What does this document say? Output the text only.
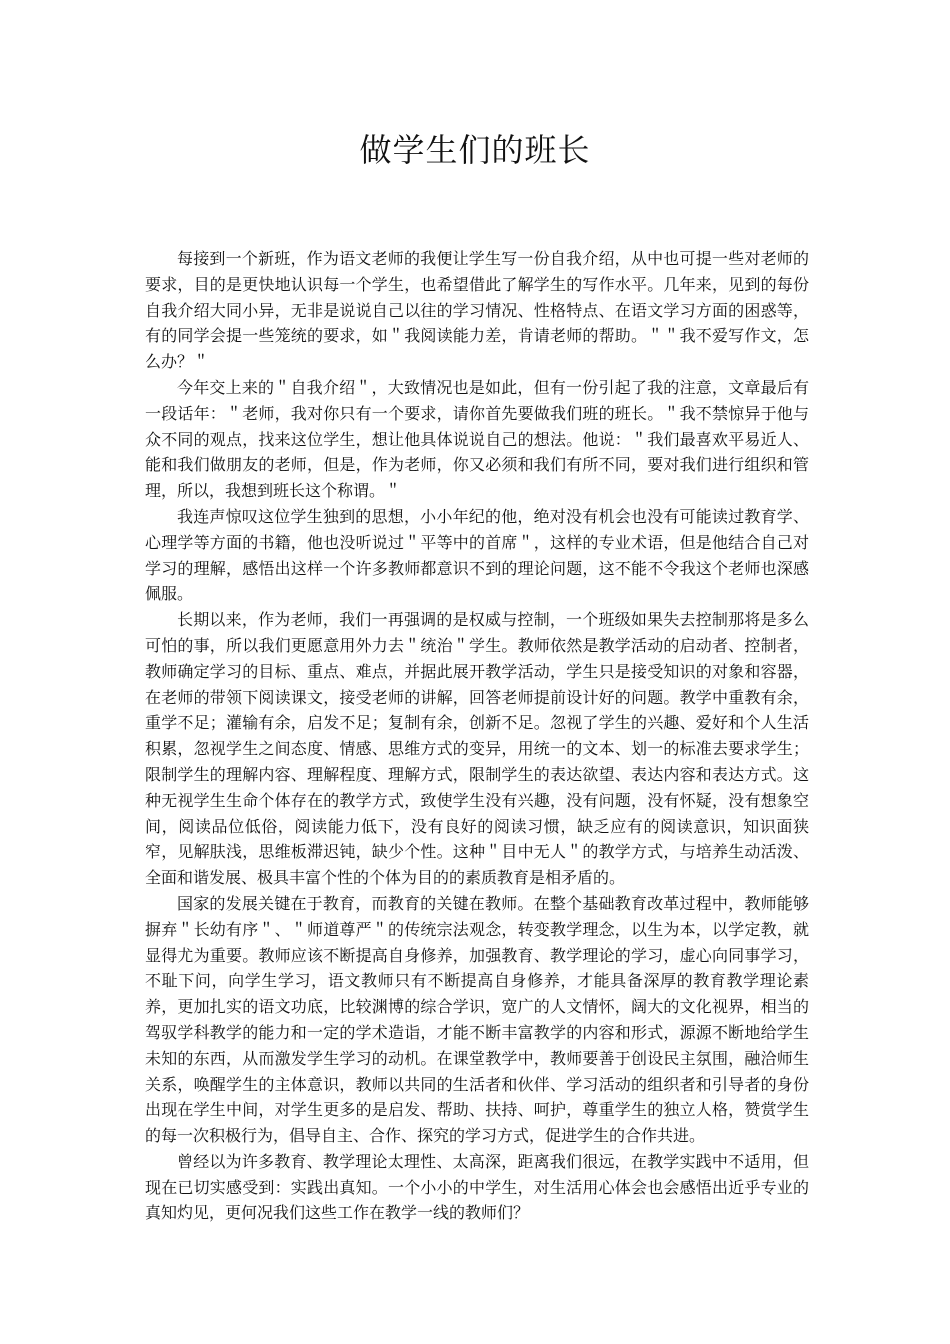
做学生们的班长

每接到一个新班，作为语文老师的我便让学生写一份自我介绍，从中也可提一些对老师的要求，目的是更快地认识每一个学生，也希望借此了解学生的写作水平。几年来，见到的每份自我介绍大同小异，无非是说说自己以往的学习情况、性格特点、在语文学习方面的困惑等，有的同学会提一些笼统的要求，如＂我阅读能力差，肯请老师的帮助。＂＂我不爱写作文，怎么办？＂

今年交上来的＂自我介绍＂，大致情况也是如此，但有一份引起了我的注意，文章最后有一段话年：＂老师，我对你只有一个要求，请你首先要做我们班的班长。＂我不禁惊异于他与众不同的观点，找来这位学生，想让他具体说说自己的想法。他说：＂我们最喜欢平易近人、能和我们做朋友的老师，但是，作为老师，你又必须和我们有所不同，要对我们进行组织和管理，所以，我想到班长这个称谓。＂

我连声惊叹这位学生独到的思想，小小年纪的他，绝对没有机会也没有可能读过教育学、心理学等方面的书籍，他也没听说过＂平等中的首席＂，这样的专业术语，但是他结合自己对学习的理解，感悟出这样一个许多教师都意识不到的理论问题，这不能不令我这个老师也深感佩服。

长期以来，作为老师，我们一再强调的是权威与控制，一个班级如果失去控制那将是多么可怕的事，所以我们更愿意用外力去＂统治＂学生。教师依然是教学活动的启动者、控制者，教师确定学习的目标、重点、难点，并据此展开教学活动，学生只是接受知识的对象和容器，在老师的带领下阅读课文，接受老师的讲解，回答老师提前设计好的问题。教学中重教有余，重学不足；灌输有余，启发不足；复制有余，创新不足。忽视了学生的兴趣、爱好和个人生活积累，忽视学生之间态度、情感、思维方式的变异，用统一的文本、划一的标准去要求学生；限制学生的理解内容、理解程度、理解方式，限制学生的表达欲望、表达内容和表达方式。这种无视学生生命个体存在的教学方式，致使学生没有兴趣，没有问题，没有怀疑，没有想象空间，阅读品位低俗，阅读能力低下，没有良好的阅读习惯，缺乏应有的阅读意识，知识面狭窄，见解肤浅，思维板滞迟钝，缺少个性。这种＂目中无人＂的教学方式，与培养生动活泼、全面和谐发展、极具丰富个性的个体为目的的素质教育是相矛盾的。

国家的发展关键在于教育，而教育的关键在教师。在整个基础教育改革过程中，教师能够摒弃＂长幼有序＂、＂师道尊严＂的传统宗法观念，转变教学理念，以生为本，以学定教，就显得尤为重要。教师应该不断提高自身修养，加强教育、教学理论的学习，虚心向同事学习，不耻下问，向学生学习，语文教师只有不断提高自身修养，才能具备深厚的教育教学理论素养，更加扎实的语文功底，比较渊博的综合学识，宽广的人文情怀，阔大的文化视界，相当的驾驭学科教学的能力和一定的学术造诣，才能不断丰富教学的内容和形式，源源不断地给学生未知的东西，从而激发学生学习的动机。在课堂教学中，教师要善于创设民主氛围，融洽师生关系，唤醒学生的主体意识，教师以共同的生活者和伙伴、学习活动的组织者和引导者的身份出现在学生中间，对学生更多的是启发、帮助、扶持、呵护，尊重学生的独立人格，赞赏学生的每一次积极行为，倡导自主、合作、探究的学习方式，促进学生的合作共进。

曾经以为许多教育、教学理论太理性、太高深，距离我们很远，在教学实践中不适用，但现在已切实感受到：实践出真知。一个小小的中学生，对生活用心体会也会感悟出近乎专业的真知灼见，更何况我们这些工作在教学一线的教师们？
